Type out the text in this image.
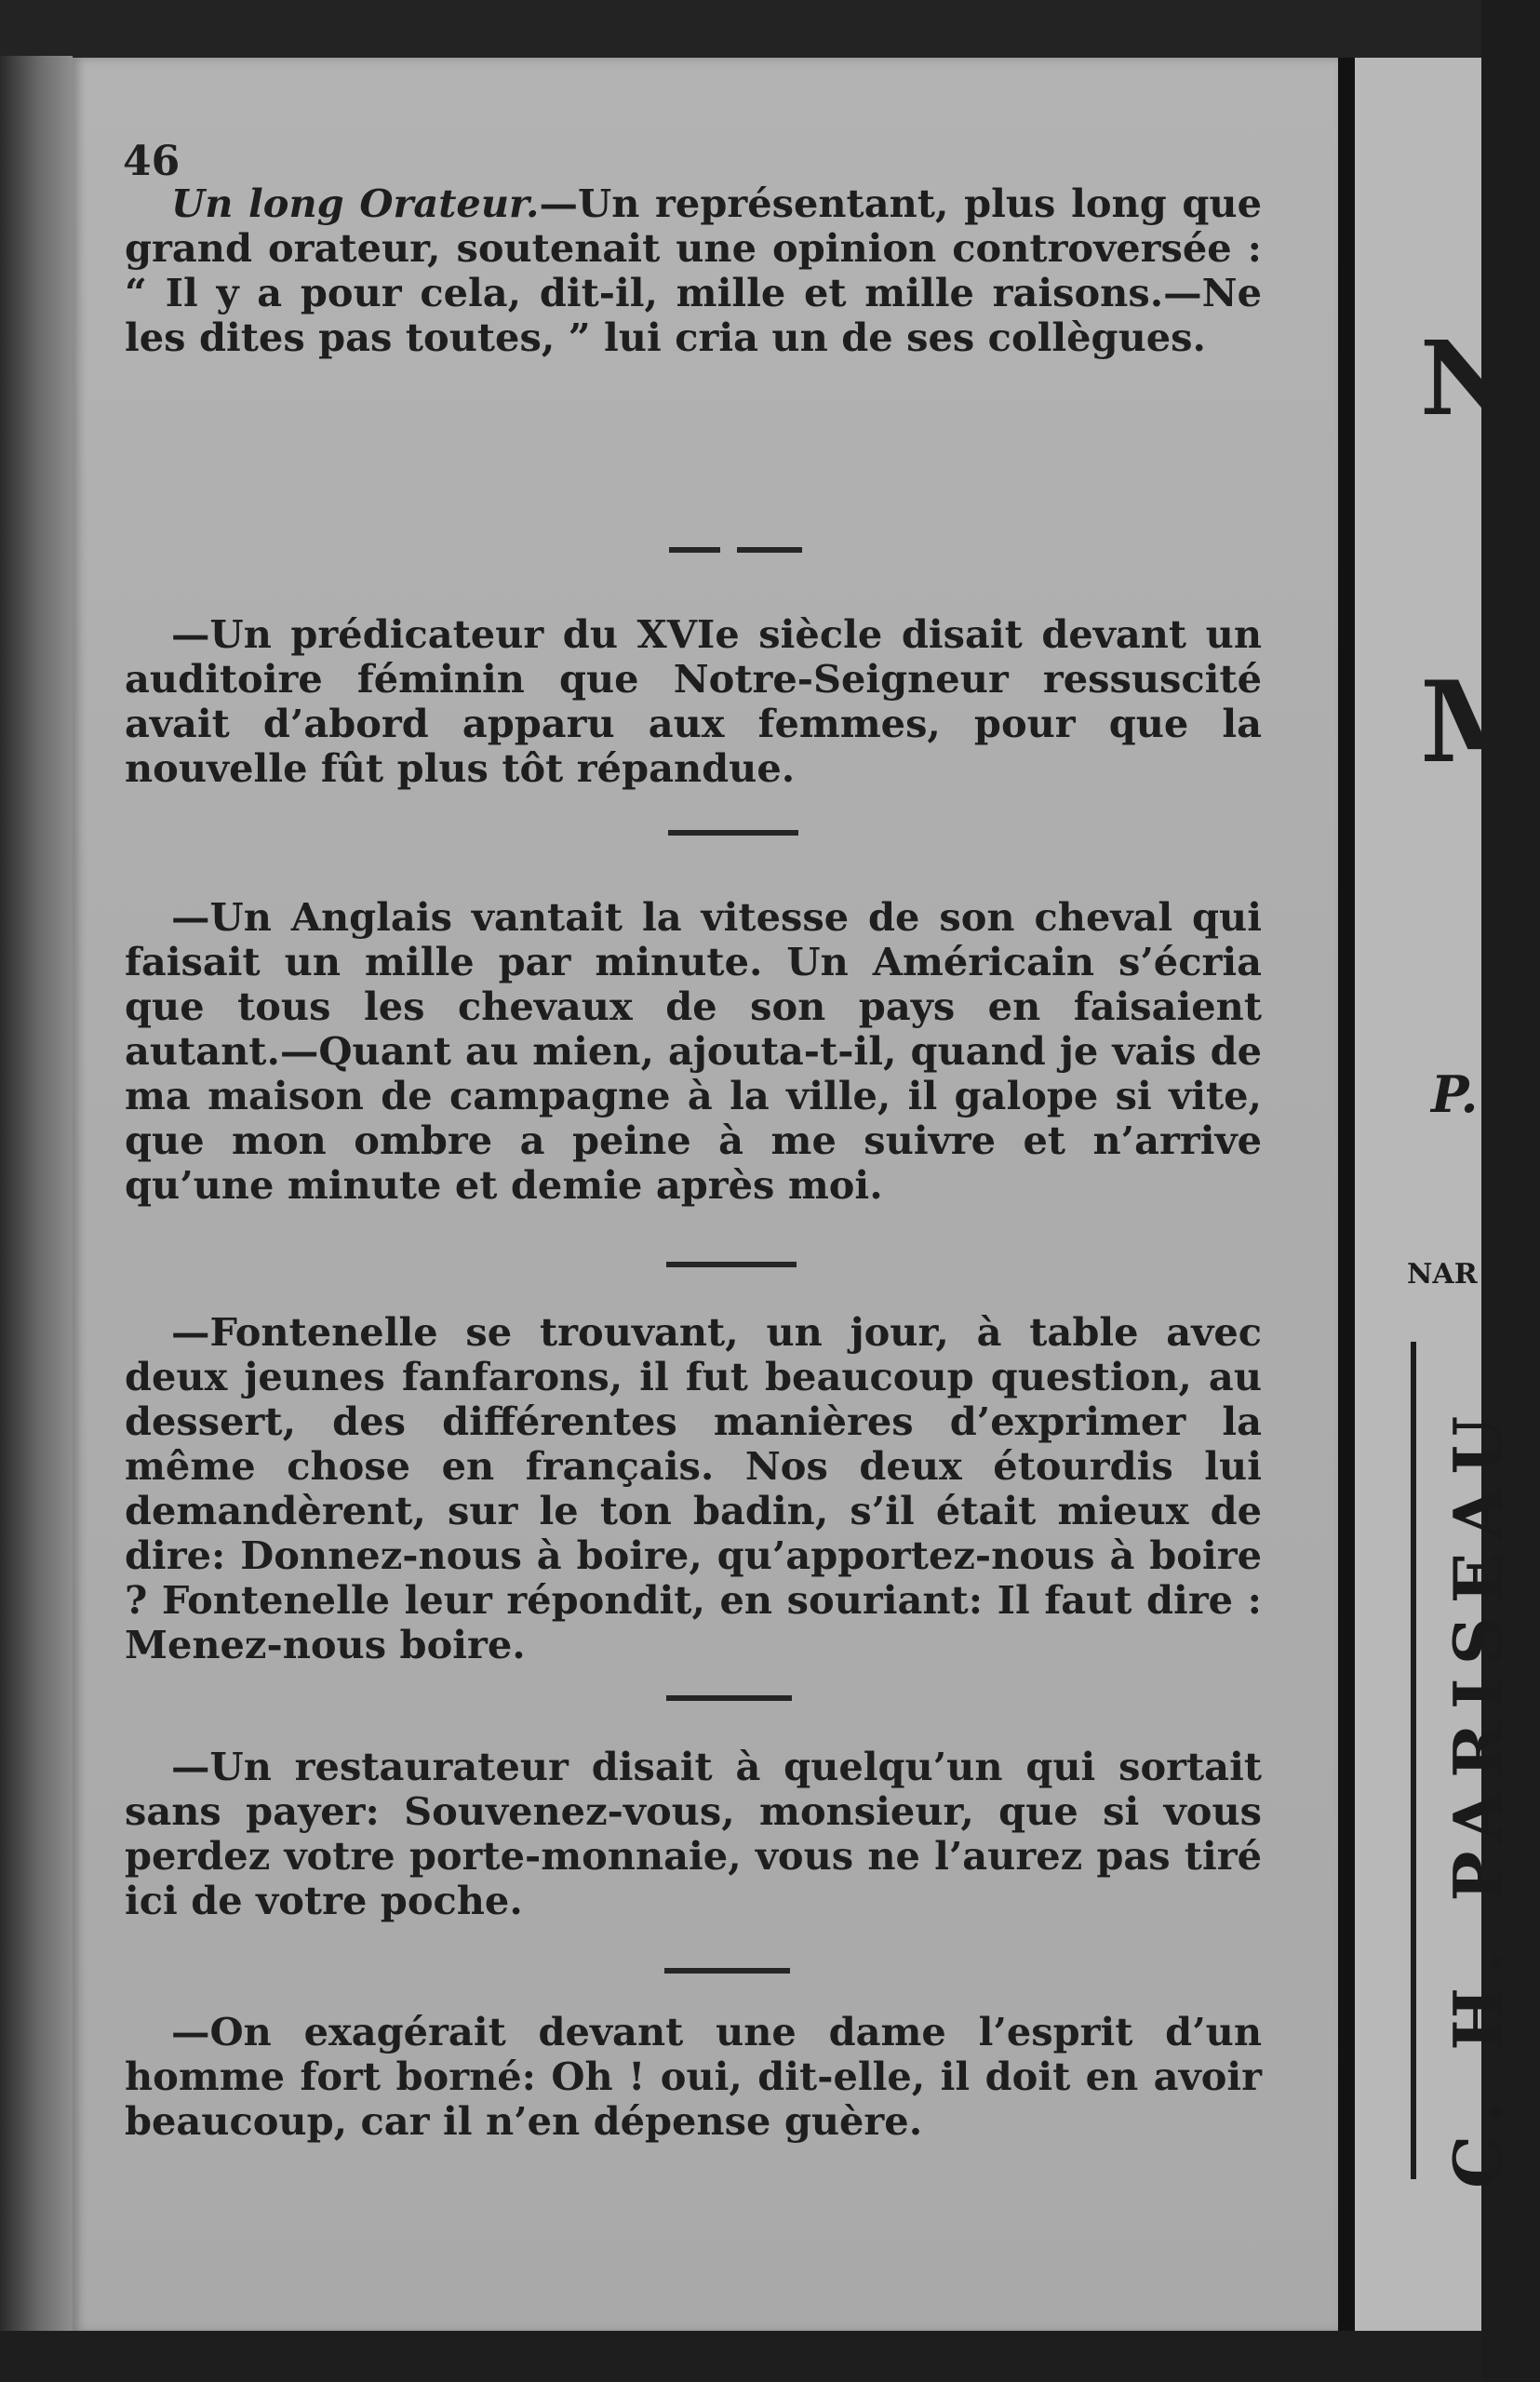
46

Un long Orateur.—Un représentant, plus long que grand orateur, soutenait une opinion controversée : “ Il y a pour cela, dit-il, mille et mille raisons.—Ne les dites pas toutes, ” lui cria un de ses collègues.

—Un prédicateur du XVIe siècle disait devant un auditoire féminin que Notre-Seigneur ressuscité avait d’abord apparu aux femmes, pour que la nouvelle fût plus tôt répandue.

—Un Anglais vantait la vitesse de son cheval qui faisait un mille par minute. Un Américain s’écria que tous les chevaux de son pays en faisaient autant.—Quant au mien, ajouta-t-il, quand je vais de ma maison de campagne à la ville, il galope si vite, que mon ombre a peine à me suivre et n’arrive qu’une minute et demie après moi.

—Fontenelle se trouvant, un jour, à table avec deux jeunes fanfarons, il fut beaucoup question, au dessert, des différentes manières d’exprimer la même chose en français. Nos deux étourdis lui demandèrent, sur le ton badin, s’il était mieux de dire: Donnez-nous à boire, qu’apportez-nous à boire ? Fontenelle leur répondit, en souriant: Il faut dire : Menez-nous boire.

—Un restaurateur disait à quelqu’un qui sortait sans payer: Souvenez-vous, monsieur, que si vous perdez votre porte-monnaie, vous ne l’aurez pas tiré ici de votre poche.

—On exagérait devant une dame l’esprit d’un homme fort borné: Oh ! oui, dit-elle, il doit en avoir beaucoup, car il n’en dépense guère.

N
M
P.
NAR
C. H. PARISEAU
